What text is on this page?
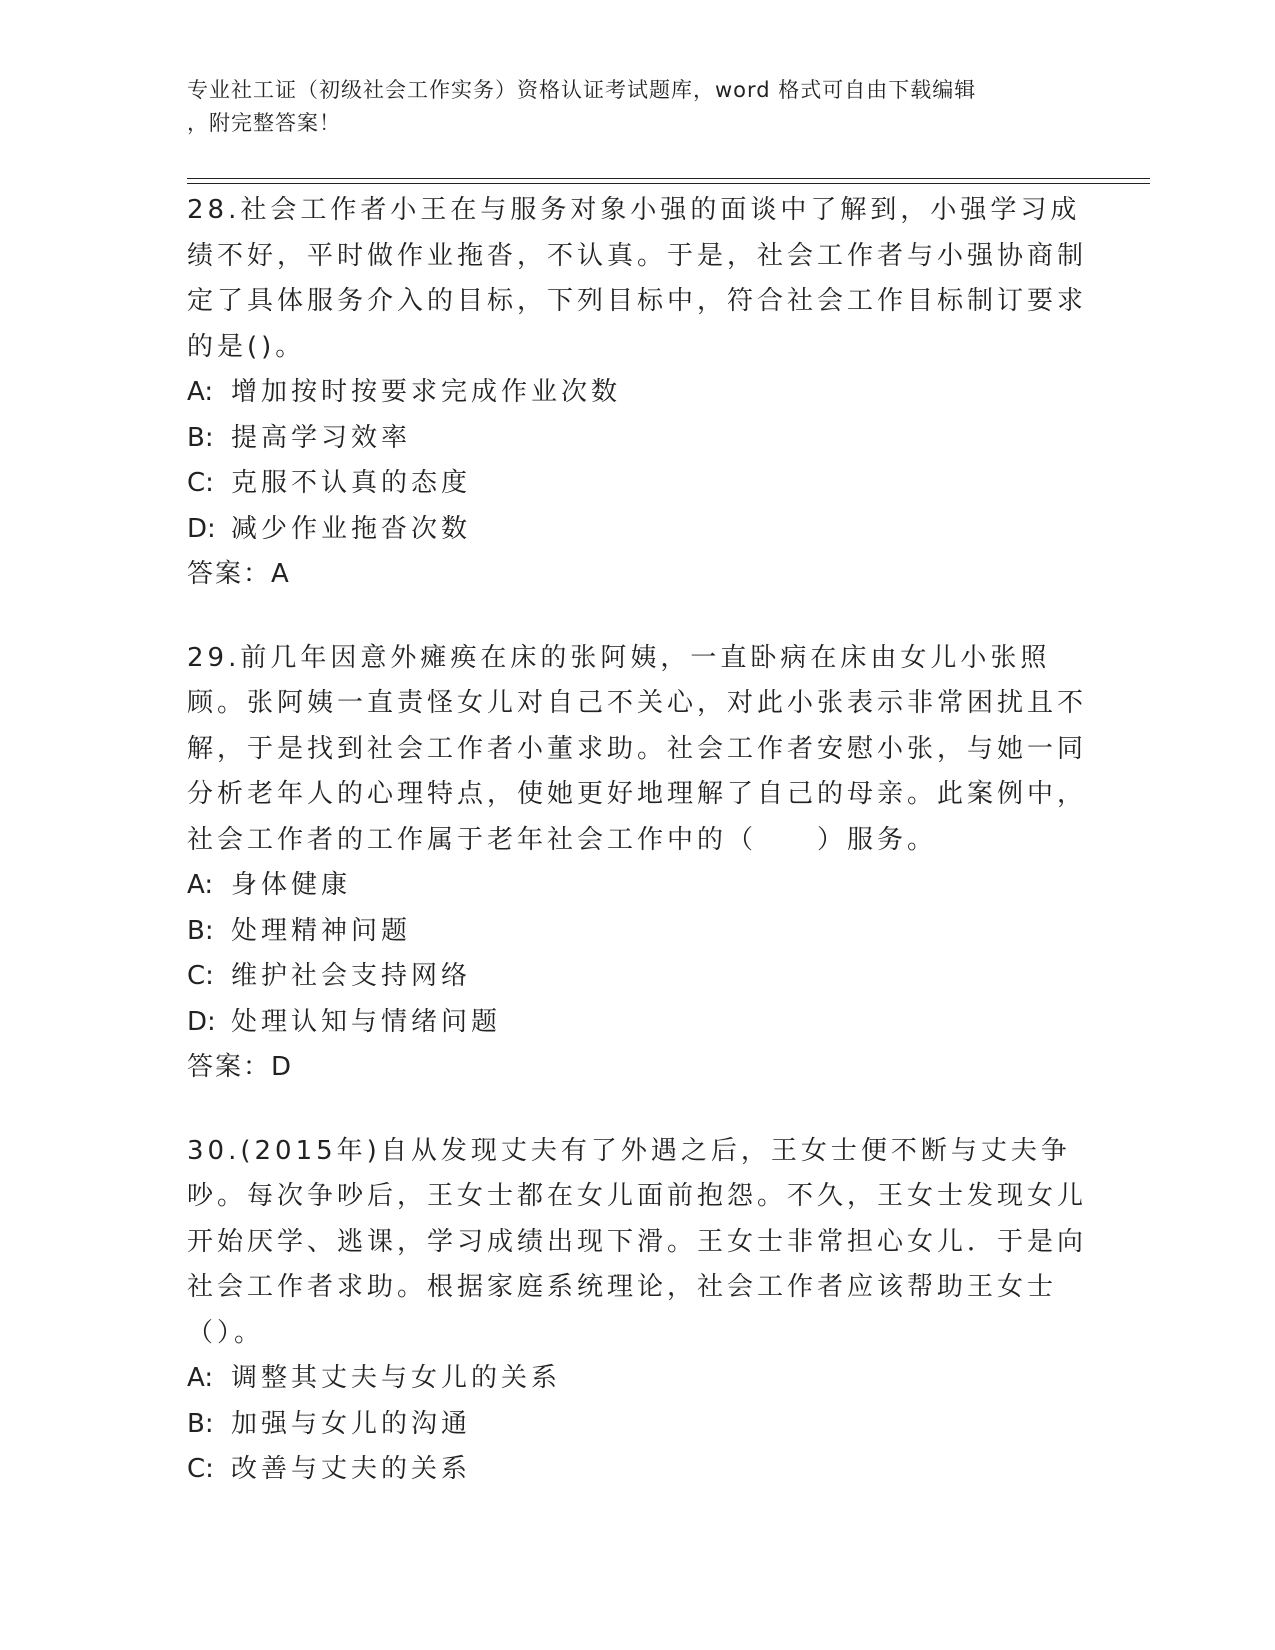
专业社工证（初级社会工作实务）资格认证考试题库，word 格式可自由下载编辑
，附完整答案！

28.社会工作者小王在与服务对象小强的面谈中了解到，小强学习成绩不好，平时做作业拖沓，不认真。于是，社会工作者与小强协商制定了具体服务介入的目标，下列目标中，符合社会工作目标制订要求的是()。

A: 增加按时按要求完成作业次数

B: 提高学习效率

C: 克服不认真的态度

D: 减少作业拖沓次数

答案：A

29.前几年因意外瘫痪在床的张阿姨，一直卧病在床由女儿小张照顾。张阿姨一直责怪女儿对自己不关心，对此小张表示非常困扰且不解，于是找到社会工作者小董求助。社会工作者安慰小张，与她一同分析老年人的心理特点，使她更好地理解了自己的母亲。此案例中，社会工作者的工作属于老年社会工作中的（　　）服务。

A: 身体健康

B: 处理精神问题

C: 维护社会支持网络

D: 处理认知与情绪问题

答案：D

30.(2015年)自从发现丈夫有了外遇之后，王女士便不断与丈夫争吵。每次争吵后，王女士都在女儿面前抱怨。不久，王女士发现女儿开始厌学、逃课，学习成绩出现下滑。王女士非常担心女儿．于是向社会工作者求助。根据家庭系统理论，社会工作者应该帮助王女士（）。

A: 调整其丈夫与女儿的关系

B: 加强与女儿的沟通

C: 改善与丈夫的关系
